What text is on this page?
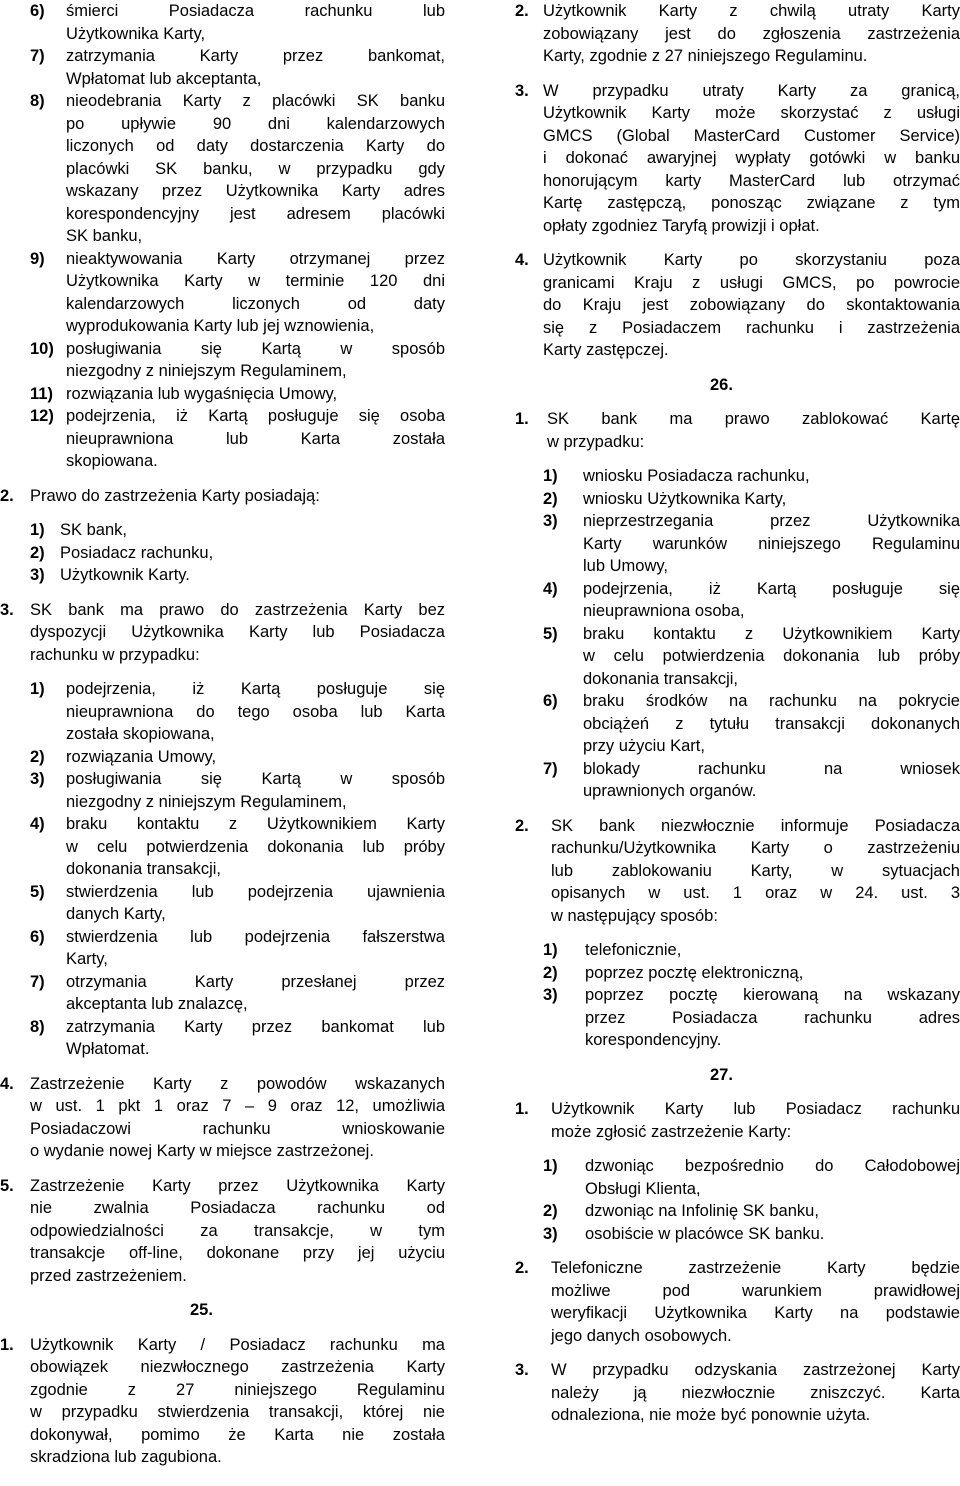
6) śmierci Posiadacza rachunku lub
Użytkownika Karty,
7) zatrzymania Karty przez bankomat,
Wpłatomat lub akceptanta,
8) nieodebrania Karty z placówki SK banku
po upływie 90 dni kalendarzowych
liczonych od daty dostarczenia Karty do
placówki SK banku, w przypadku gdy
wskazany przez Użytkownika Karty adres
korespondencyjny jest adresem placówki
SK banku,
9) nieaktywowania Karty otrzymanej przez
Użytkownika Karty w terminie 120 dni
kalendarzowych liczonych od daty
wyprodukowania Karty lub jej wznowienia,
10) posługiwania się Kartą w sposób
niezgodny z niniejszym Regulaminem,
11) rozwiązania lub wygaśnięcia Umowy,
12) podejrzenia, iż Kartą posługuje się osoba
nieuprawniona lub Karta została
skopiowana.
2. Prawo do zastrzeżenia Karty posiadają:
1) SK bank,
2) Posiadacz rachunku,
3) Użytkownik Karty.
3. SK bank ma prawo do zastrzeżenia Karty bez
dyspozycji Użytkownika Karty lub Posiadacza
rachunku w przypadku:
1) podejrzenia, iż Kartą posługuje się
nieuprawniona do tego osoba lub Karta
została skopiowana,
2) rozwiązania Umowy,
3) posługiwania się Kartą w sposób
niezgodny z niniejszym Regulaminem,
4) braku kontaktu z Użytkownikiem Karty
w celu potwierdzenia dokonania lub próby
dokonania transakcji,
5) stwierdzenia lub podejrzenia ujawnienia
danych Karty,
6) stwierdzenia lub podejrzenia fałszerstwa
Karty,
7) otrzymania Karty przesłanej przez
akceptanta lub znalazcę,
8) zatrzymania Karty przez bankomat lub
Wpłatomat.
4. Zastrzeżenie Karty z powodów wskazanych
w ust. 1 pkt 1 oraz 7 – 9 oraz 12, umożliwia
Posiadaczowi rachunku wnioskowanie
o wydanie nowej Karty w miejsce zastrzeżonej.
5. Zastrzeżenie Karty przez Użytkownika Karty
nie zwalnia Posiadacza rachunku od
odpowiedzialności za transakcje, w tym
transakcje off-line, dokonane przy jej użyciu
przed zastrzeżeniem.
25.
1. Użytkownik Karty / Posiadacz rachunku ma
obowiązek niezwłocznego zastrzeżenia Karty
zgodnie z 27 niniejszego Regulaminu
w przypadku stwierdzenia transakcji, której nie
dokonywał, pomimo że Karta nie została
skradziona lub zagubiona.
2. Użytkownik Karty z chwilą utraty Karty
zobowiązany jest do zgłoszenia zastrzeżenia
Karty, zgodnie z 27 niniejszego Regulaminu.
3. W przypadku utraty Karty za granicą,
Użytkownik Karty może skorzystać z usługi
GMCS (Global MasterCard Customer Service)
i dokonać awaryjnej wypłaty gotówki w banku
honorującym karty MasterCard lub otrzymać
Kartę zastępczą, ponosząc związane z tym
opłaty zgodniez Taryfą prowizji i opłat.
4. Użytkownik Karty po skorzystaniu poza
granicami Kraju z usługi GMCS, po powrocie
do Kraju jest zobowiązany do skontaktowania
się z Posiadaczem rachunku i zastrzeżenia
Karty zastępczej.
26.
1. SK bank ma prawo zablokować Kartę
w przypadku:
1) wniosku Posiadacza rachunku,
2) wniosku Użytkownika Karty,
3) nieprzestrzegania przez Użytkownika
Karty warunków niniejszego Regulaminu
lub Umowy,
4) podejrzenia, iż Kartą posługuje się
nieuprawniona osoba,
5) braku kontaktu z Użytkownikiem Karty
w celu potwierdzenia dokonania lub próby
dokonania transakcji,
6) braku środków na rachunku na pokrycie
obciążeń z tytułu transakcji dokonanych
przy użyciu Kart,
7) blokady rachunku na wniosek
uprawnionych organów.
2. SK bank niezwłocznie informuje Posiadacza
rachunku/Użytkownika Karty o zastrzeżeniu
lub zablokowaniu Karty, w sytuacjach
opisanych w ust. 1 oraz w 24. ust. 3
w następujący sposób:
1) telefonicznie,
2) poprzez pocztę elektroniczną,
3) poprzez pocztę kierowaną na wskazany
przez Posiadacza rachunku adres
korespondencyjny.
27.
1. Użytkownik Karty lub Posiadacz rachunku
może zgłosić zastrzeżenie Karty:
1) dzwoniąc bezpośrednio do Całodobowej
Obsługi Klienta,
2) dzwoniąc na Infolinię SK banku,
3) osobiście w placówce SK banku.
2. Telefoniczne zastrzeżenie Karty będzie
możliwe pod warunkiem prawidłowej
weryfikacji Użytkownika Karty na podstawie
jego danych osobowych.
3. W przypadku odzyskania zastrzeżonej Karty
należy ją niezwłocznie zniszczyć. Karta
odnaleziona, nie może być ponownie użyta.
